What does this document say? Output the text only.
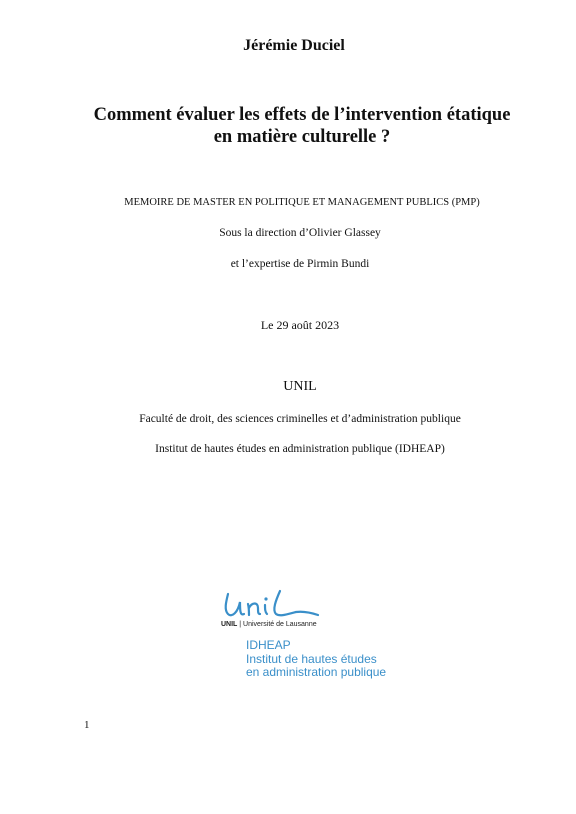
Jérémie Duciel
Comment évaluer les effets de l’intervention étatique
en matière culturelle ?
MEMOIRE DE MASTER EN POLITIQUE ET MANAGEMENT PUBLICS (PMP)
Sous la direction d’Olivier Glassey
et l’expertise de Pirmin Bundi
Le 29 août 2023
UNIL
Faculté de droit, des sciences criminelles et d’administration publique
Institut de hautes études en administration publique (IDHEAP)
UNIL | Université de Lausanne
IDHEAP
Institut de hautes études
en administration publique
1
